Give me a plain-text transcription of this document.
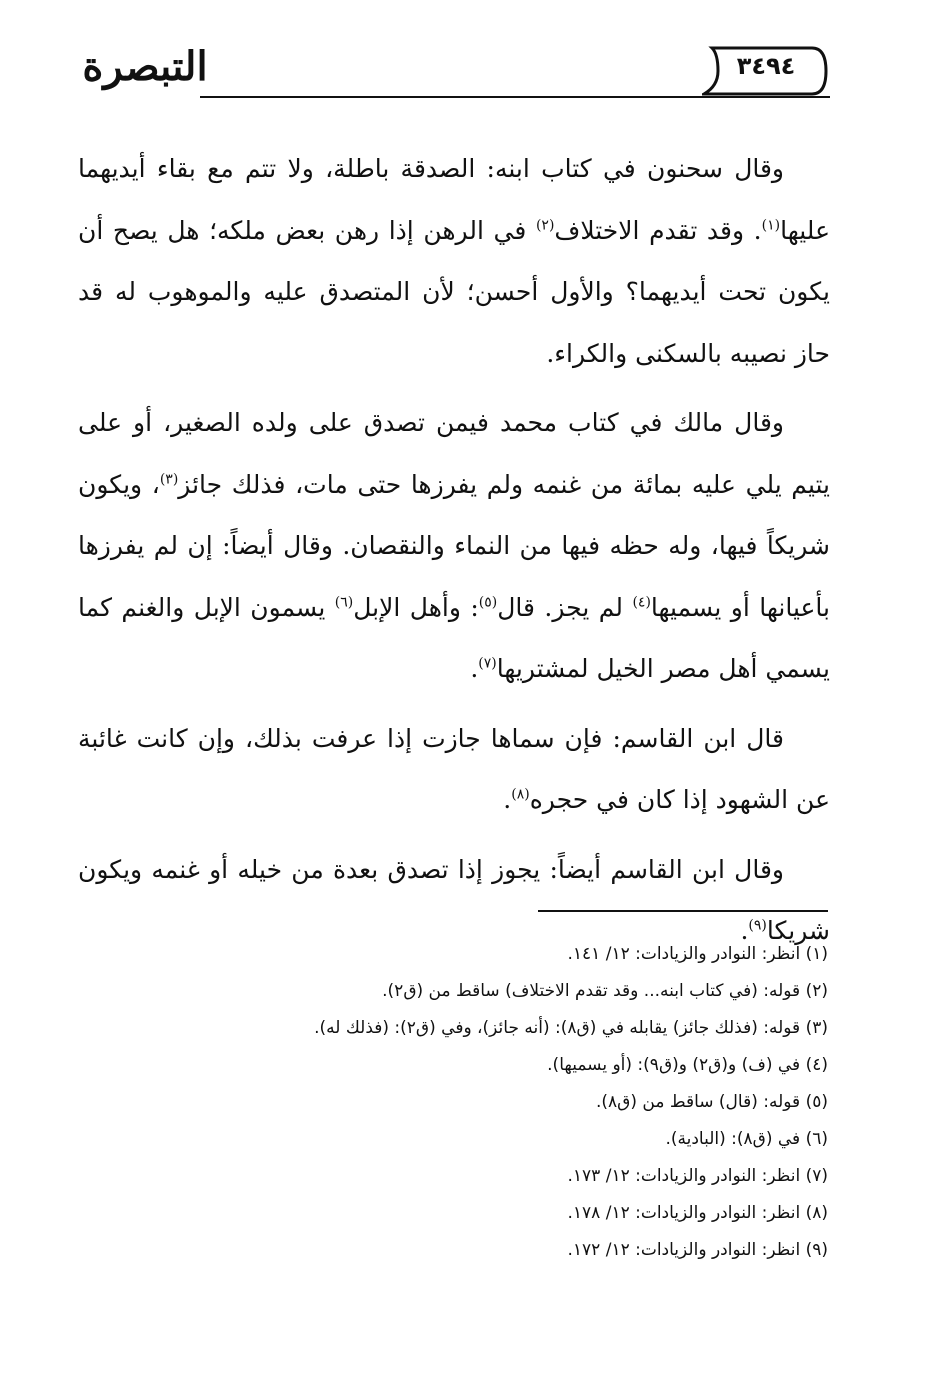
التبصرة	٣٤٩٤

وقال سحنون في كتاب ابنه: الصدقة باطلة، ولا تتم مع بقاء أيديهما عليها$^{(١)}$. وقد تقدم الاختلاف$^{(٢)}$ في الرهن إذا رهن بعض ملكه؛ هل يصح أن يكون تحت أيديهما؟ والأول أحسن؛ لأن المتصدق عليه والموهوب له قد حاز نصيبه بالسكنى والكراء.

وقال مالك في كتاب محمد فيمن تصدق على ولده الصغير، أو على يتيم يلي عليه بمائة من غنمه ولم يفرزها حتى مات، فذلك جائز$^{(٣)}$، ويكون شريكاً فيها، وله حظه فيها من النماء والنقصان. وقال أيضاً: إن لم يفرزها بأعيانها أو يسميها$^{(٤)}$ لم يجز. قال$^{(٥)}$: وأهل الإبل$^{(٦)}$ يسمون الإبل والغنم كما يسمي أهل مصر الخيل لمشتريها$^{(٧)}$.

قال ابن القاسم: فإن سماها جازت إذا عرفت بذلك، وإن كانت غائبة عن الشهود إذا كان في حجره$^{(٨)}$.

وقال ابن القاسم أيضاً: يجوز إذا تصدق بعدة من خيله أو غنمه ويكون شريكا$^{(٩)}$.

(١) انظر: النوادر والزيادات: ١٢/ ١٤١.
(٢) قوله: (في كتاب ابنه... وقد تقدم الاختلاف) ساقط من (ق٢).
(٣) قوله: (فذلك جائز) يقابله في (ق٨): (أنه جائز)، وفي (ق٢): (فذلك له).
(٤) في (ف) و(ق٢) و(ق٩): (أو يسميها).
(٥) قوله: (قال) ساقط من (ق٨).
(٦) في (ق٨): (البادية).
(٧) انظر: النوادر والزيادات: ١٢/ ١٧٣.
(٨) انظر: النوادر والزيادات: ١٢/ ١٧٨.
(٩) انظر: النوادر والزيادات: ١٢/ ١٧٢.
